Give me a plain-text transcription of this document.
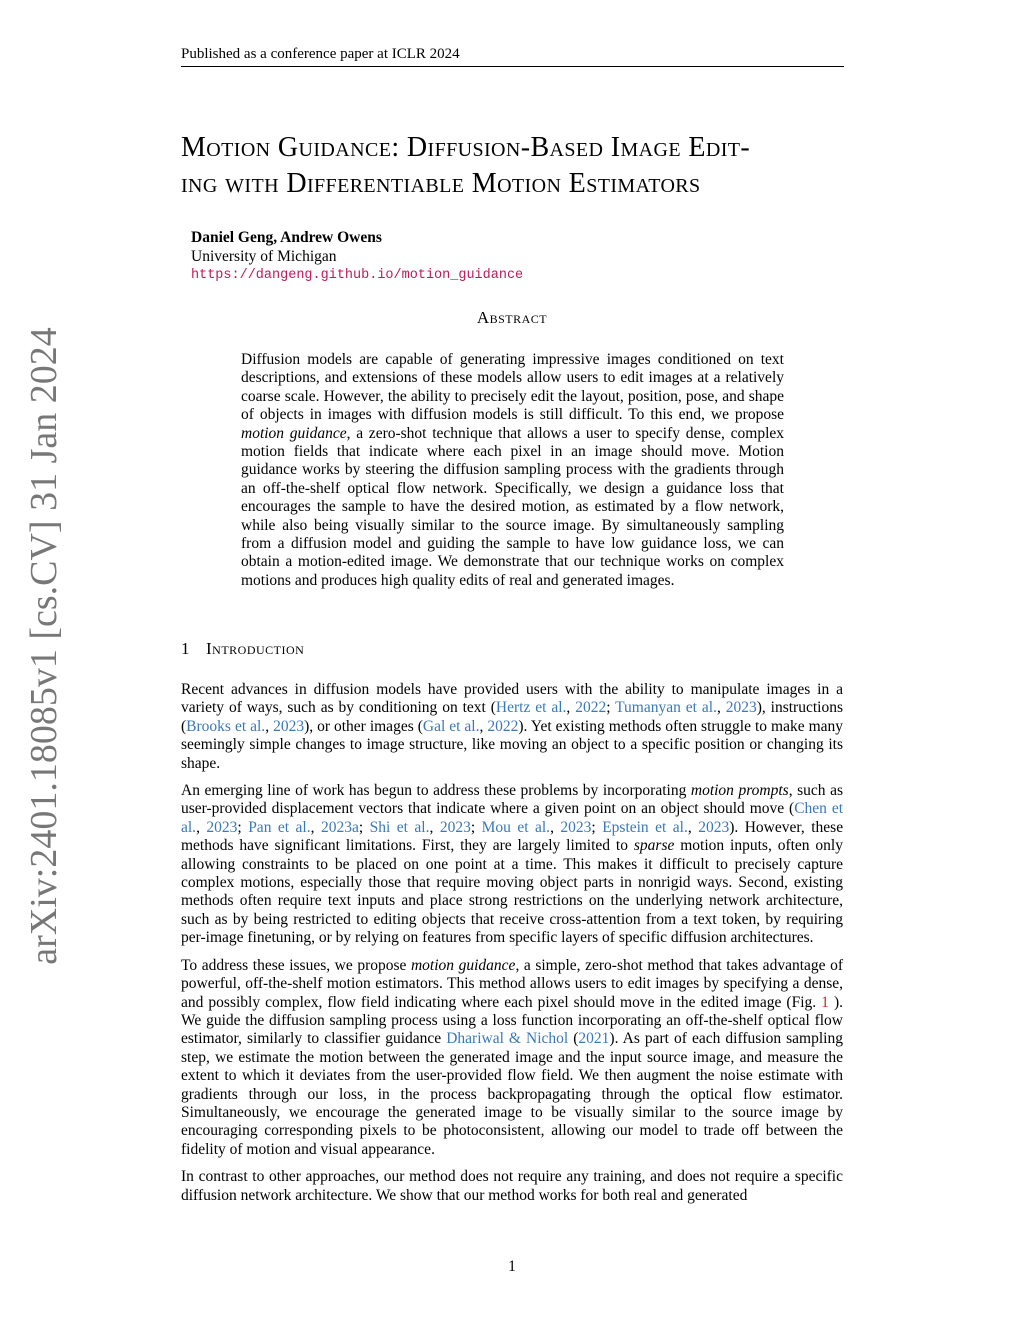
Published as a conference paper at ICLR 2024
arXiv:2401.18085v1 [cs.CV] 31 Jan 2024
Motion Guidance: Diffusion-Based Image Edit-
ing with Differentiable Motion Estimators
Daniel Geng, Andrew Owens
University of Michigan
https://dangeng.github.io/motion_guidance
Abstract
Diffusion models are capable of generating impressive images conditioned on text descriptions, and extensions of these models allow users to edit images at a relatively coarse scale. However, the ability to precisely edit the layout, position, pose, and shape of objects in images with diffusion models is still difficult. To this end, we propose motion guidance, a zero-shot technique that allows a user to specify dense, complex motion fields that indicate where each pixel in an image should move. Motion guidance works by steering the diffusion sampling process with the gradients through an off-the-shelf optical flow network. Specifically, we design a guidance loss that encourages the sample to have the desired motion, as estimated by a flow network, while also being visually similar to the source image. By simultaneously sampling from a diffusion model and guiding the sample to have low guidance loss, we can obtain a motion-edited image. We demonstrate that our technique works on complex motions and produces high quality edits of real and generated images.
1 Introduction

Recent advances in diffusion models have provided users with the ability to manipulate images in a variety of ways, such as by conditioning on text (Hertz et al., 2022; Tumanyan et al., 2023), instructions (Brooks et al., 2023), or other images (Gal et al., 2022). Yet existing methods often struggle to make many seemingly simple changes to image structure, like moving an object to a specific position or changing its shape.

An emerging line of work has begun to address these problems by incorporating motion prompts, such as user-provided displacement vectors that indicate where a given point on an object should move (Chen et al., 2023; Pan et al., 2023a; Shi et al., 2023; Mou et al., 2023; Epstein et al., 2023). However, these methods have significant limitations. First, they are largely limited to sparse motion inputs, often only allowing constraints to be placed on one point at a time. This makes it difficult to precisely capture complex motions, especially those that require moving object parts in nonrigid ways. Second, existing methods often require text inputs and place strong restrictions on the underlying network architecture, such as by being restricted to editing objects that receive cross-attention from a text token, by requiring per-image finetuning, or by relying on features from specific layers of specific diffusion architectures.

To address these issues, we propose motion guidance, a simple, zero-shot method that takes advantage of powerful, off-the-shelf motion estimators. This method allows users to edit images by specifying a dense, and possibly complex, flow field indicating where each pixel should move in the edited image (Fig. 1 ). We guide the diffusion sampling process using a loss function incorporating an off-the-shelf optical flow estimator, similarly to classifier guidance Dhariwal & Nichol (2021). As part of each diffusion sampling step, we estimate the motion between the generated image and the input source image, and measure the extent to which it deviates from the user-provided flow field. We then augment the noise estimate with gradients through our loss, in the process backpropagating through the optical flow estimator. Simultaneously, we encourage the generated image to be visually similar to the source image by encouraging corresponding pixels to be photoconsistent, allowing our model to trade off between the fidelity of motion and visual appearance.

In contrast to other approaches, our method does not require any training, and does not require a specific diffusion network architecture. We show that our method works for both real and generated

1
